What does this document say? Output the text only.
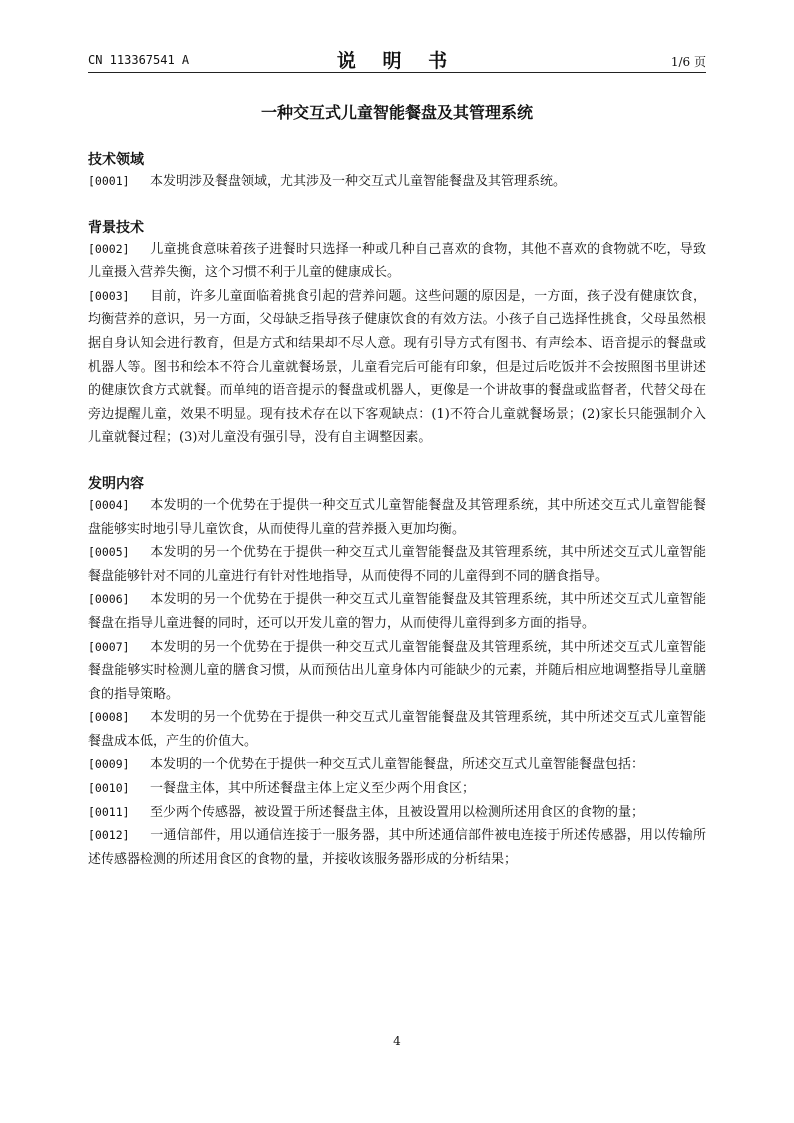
CN 113367541 A	说 明 书	1/6 页
一种交互式儿童智能餐盘及其管理系统
技术领域
[0001] 本发明涉及餐盘领域，尤其涉及一种交互式儿童智能餐盘及其管理系统。
背景技术
[0002] 儿童挑食意味着孩子进餐时只选择一种或几种自己喜欢的食物，其他不喜欢的食物就不吃，导致儿童摄入营养失衡，这个习惯不利于儿童的健康成长。
[0003] 目前，许多儿童面临着挑食引起的营养问题。这些问题的原因是，一方面，孩子没有健康饮食，均衡营养的意识，另一方面，父母缺乏指导孩子健康饮食的有效方法。小孩子自己选择性挑食，父母虽然根据自身认知会进行教育，但是方式和结果却不尽人意。现有引导方式有图书、有声绘本、语音提示的餐盘或机器人等。图书和绘本不符合儿童就餐场景，儿童看完后可能有印象，但是过后吃饭并不会按照图书里讲述的健康饮食方式就餐。而单纯的语音提示的餐盘或机器人，更像是一个讲故事的餐盘或监督者，代替父母在旁边提醒儿童，效果不明显。现有技术存在以下客观缺点：(1)不符合儿童就餐场景；(2)家长只能强制介入儿童就餐过程；(3)对儿童没有强引导，没有自主调整因素。
发明内容
[0004] 本发明的一个优势在于提供一种交互式儿童智能餐盘及其管理系统，其中所述交互式儿童智能餐盘能够实时地引导儿童饮食，从而使得儿童的营养摄入更加均衡。
[0005] 本发明的另一个优势在于提供一种交互式儿童智能餐盘及其管理系统，其中所述交互式儿童智能餐盘能够针对不同的儿童进行有针对性地指导，从而使得不同的儿童得到不同的膳食指导。
[0006] 本发明的另一个优势在于提供一种交互式儿童智能餐盘及其管理系统，其中所述交互式儿童智能餐盘在指导儿童进餐的同时，还可以开发儿童的智力，从而使得儿童得到多方面的指导。
[0007] 本发明的另一个优势在于提供一种交互式儿童智能餐盘及其管理系统，其中所述交互式儿童智能餐盘能够实时检测儿童的膳食习惯，从而预估出儿童身体内可能缺少的元素，并随后相应地调整指导儿童膳食的指导策略。
[0008] 本发明的另一个优势在于提供一种交互式儿童智能餐盘及其管理系统，其中所述交互式儿童智能餐盘成本低，产生的价值大。
[0009] 本发明的一个优势在于提供一种交互式儿童智能餐盘，所述交互式儿童智能餐盘包括：
[0010] 一餐盘主体，其中所述餐盘主体上定义至少两个用食区；
[0011] 至少两个传感器，被设置于所述餐盘主体，且被设置用以检测所述用食区的食物的量；
[0012] 一通信部件，用以通信连接于一服务器，其中所述通信部件被电连接于所述传感器，用以传输所述传感器检测的所述用食区的食物的量，并接收该服务器形成的分析结果；
4
